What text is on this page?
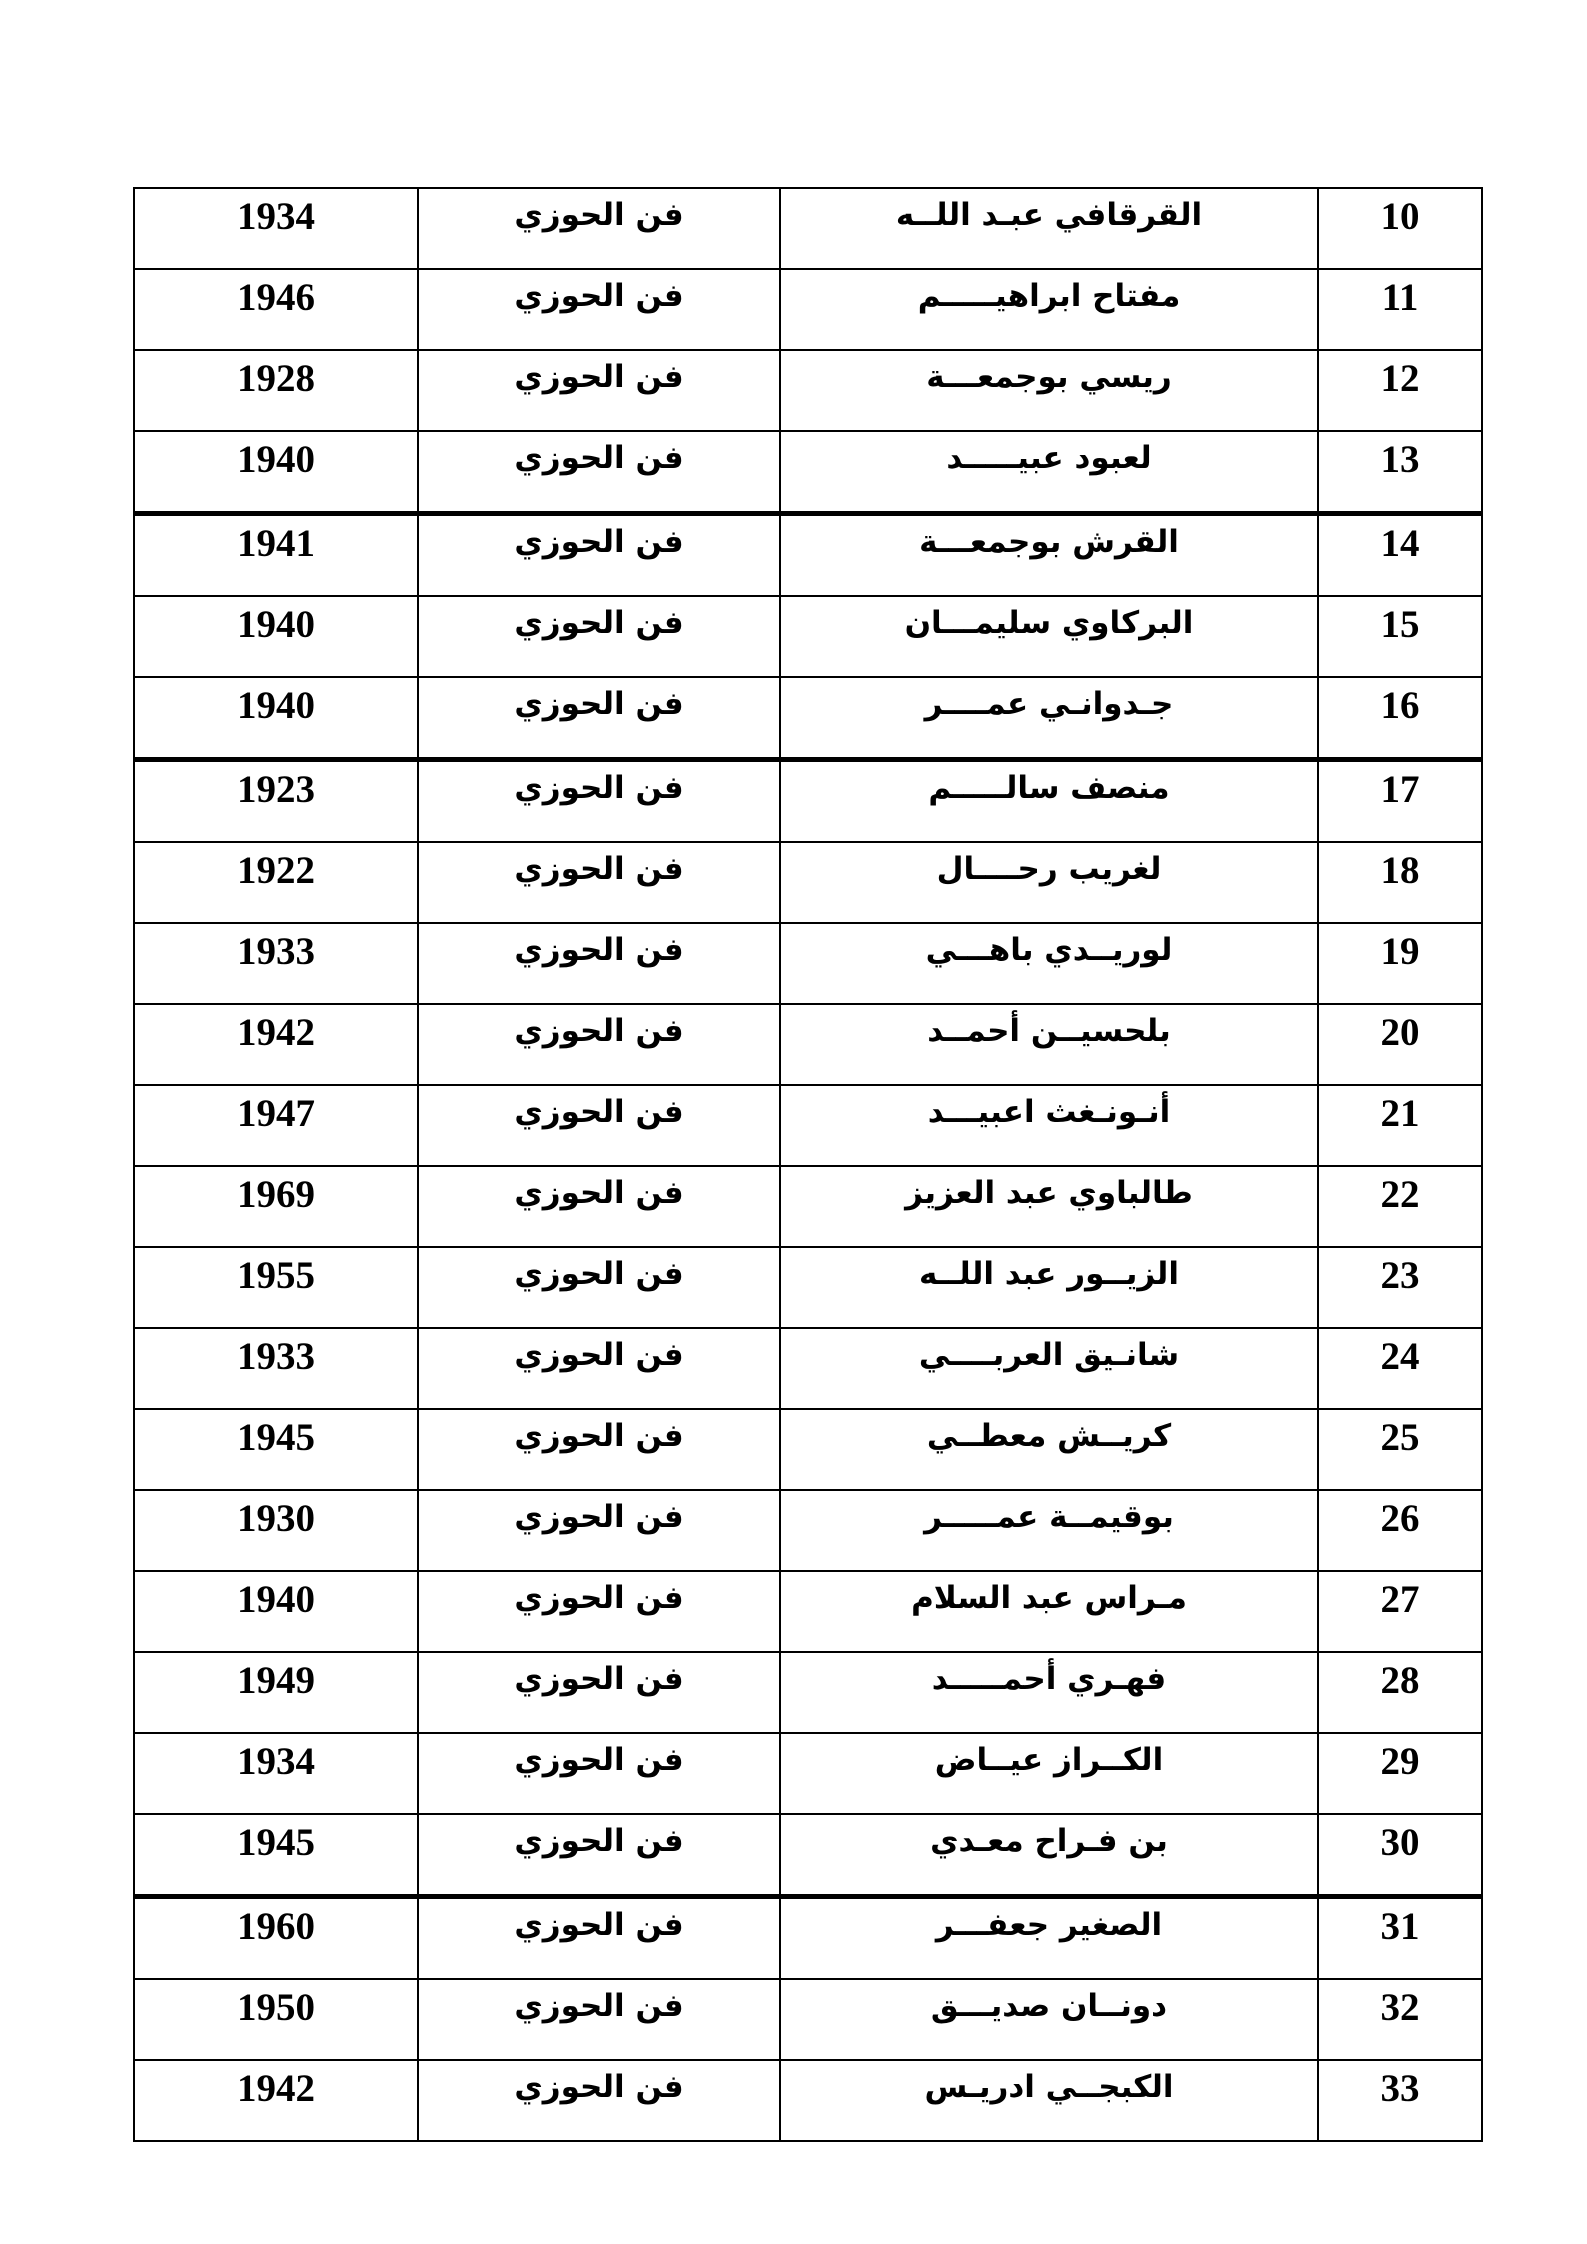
10	القرقافي عبـد اللــه	فن الحوزي	1934
11	مفتاح ابراهيـــــم	فن الحوزي	1946
12	ريسي بوجمعـــة	فن الحوزي	1928
13	لعبود عبيـــــد	فن الحوزي	1940
14	القرش بوجمعـــة	فن الحوزي	1941
15	البركاوي سليمـــان	فن الحوزي	1940
16	جـدوانـي عمــــر	فن الحوزي	1940
17	منصف سالـــــم	فن الحوزي	1923
18	لغريب رحــــال	فن الحوزي	1922
19	لوريــدي باهـــي	فن الحوزي	1933
20	بلحسيــن أحمــد	فن الحوزي	1942
21	أنـونـغث اعبيـــد	فن الحوزي	1947
22	طالباوي عبد العزيز	فن الحوزي	1969
23	الزيــور عبد اللــه	فن الحوزي	1955
24	شانـيق العربــــي	فن الحوزي	1933
25	كريــش معطــي	فن الحوزي	1945
26	بوقيمــة عمـــــر	فن الحوزي	1930
27	مـراس عبد السلام	فن الحوزي	1940
28	فهـري أحمـــــد	فن الحوزي	1949
29	الكــراز عيــاض	فن الحوزي	1934
30	بن فـراح معـدي	فن الحوزي	1945
31	الصغير جعفـــر	فن الحوزي	1960
32	دونــان صديـــق	فن الحوزي	1950
33	الكبجــي ادريـس	فن الحوزي	1942
